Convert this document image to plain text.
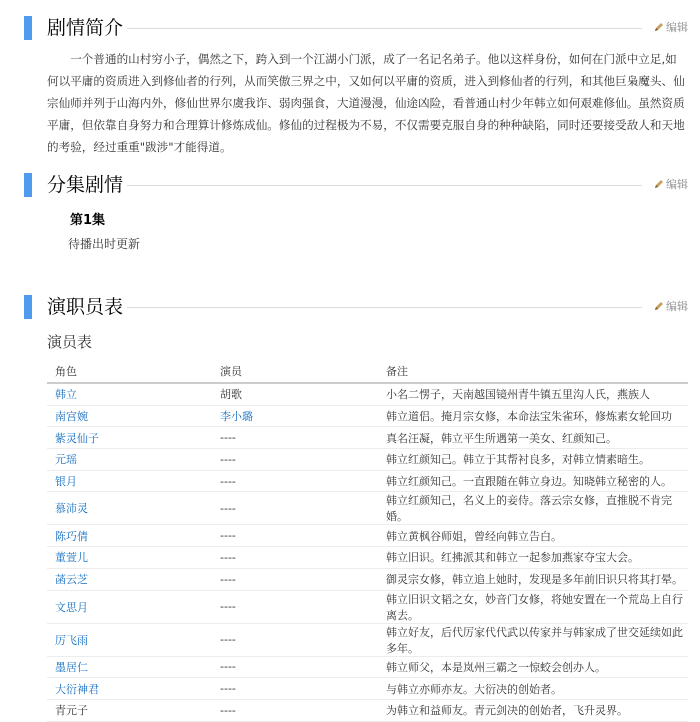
剧情简介	编辑

一个普通的山村穷小子，偶然之下，跨入到一个江湖小门派，成了一名记名弟子。他以这样身份，如何在门派中立足,如何以平庸的资质进入到修仙者的行列，从而笑傲三界之中，又如何以平庸的资质，进入到修仙者的行列，和其他巨枭魔头、仙宗仙师并列于山海内外，修仙世界尔虞我诈、弱肉强食，大道漫漫，仙途凶险，看普通山村少年韩立如何艰难修仙。虽然资质平庸，但依靠自身努力和合理算计修炼成仙。修仙的过程极为不易，不仅需要克服自身的种种缺陷，同时还要接受敌人和天地的考验，经过重重"跋涉"才能得道。

分集剧情	编辑
第1集
待播出时更新
演职员表	编辑
演员表
角色	演员	备注
韩立	胡歌	小名二愣子，天南越国镜州青牛镇五里沟人氏，燕族人
南宫婉	李小璐	韩立道侣。掩月宗女修，本命法宝朱雀环，修炼素女轮回功
紫灵仙子	----	真名汪凝，韩立平生所遇第一美女、红颜知己。
元瑶	----	韩立红颜知己。韩立于其帮衬良多，对韩立情素暗生。
银月	----	韩立红颜知己。一直跟随在韩立身边。知晓韩立秘密的人。
慕沛灵	----	韩立红颜知己，名义上的妾侍。落云宗女修，直推脱不肯完婚。
陈巧倩	----	韩立黄枫谷师姐，曾经向韩立告白。
董萱儿	----	韩立旧识。红拂派其和韩立一起参加燕家夺宝大会。
菡云芝	----	御灵宗女修，韩立追上她时，发现是多年前旧识只将其打晕。
文思月	----	韩立旧识文韬之女，妙音门女修，将她安置在一个荒岛上自行离去。
厉飞雨	----	韩立好友，后代厉家代代武以传家并与韩家成了世交延续如此多年。
墨居仁	----	韩立师父，本是岚州三霸之一惊蛟会创办人。
大衍神君	----	与韩立亦师亦友。大衍决的创始者。
青元子	----	为韩立和益师友。青元剑决的创始者，飞升灵界。
